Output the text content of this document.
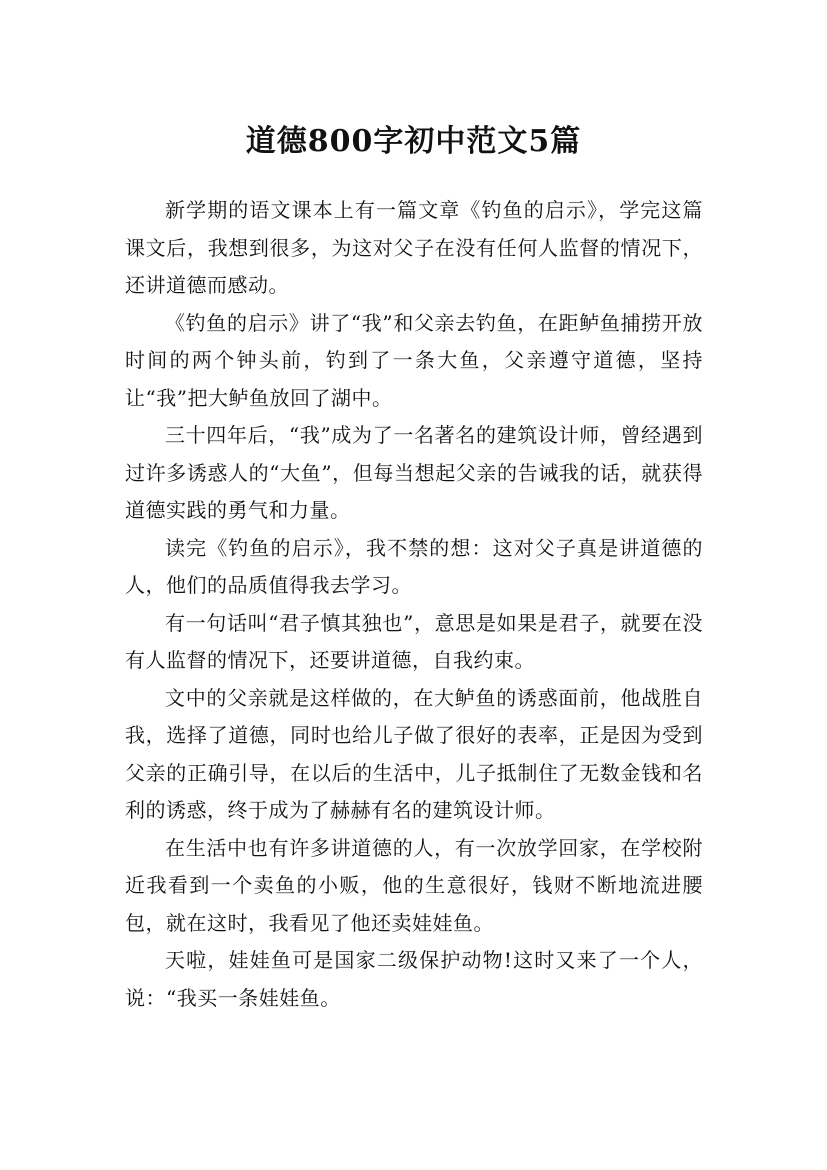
道德800字初中范文5篇

新学期的语文课本上有一篇文章《钓鱼的启示》，学完这篇课文后，我想到很多，为这对父子在没有任何人监督的情况下，还讲道德而感动。

《钓鱼的启示》讲了“我”和父亲去钓鱼，在距鲈鱼捕捞开放时间的两个钟头前，钓到了一条大鱼，父亲遵守道德，坚持让“我”把大鲈鱼放回了湖中。

三十四年后，“我”成为了一名著名的建筑设计师，曾经遇到过许多诱惑人的“大鱼”，但每当想起父亲的告诫我的话，就获得道德实践的勇气和力量。

读完《钓鱼的启示》，我不禁的想：这对父子真是讲道德的人，他们的品质值得我去学习。

有一句话叫“君子慎其独也”，意思是如果是君子，就要在没有人监督的情况下，还要讲道德，自我约束。

文中的父亲就是这样做的，在大鲈鱼的诱惑面前，他战胜自我，选择了道德，同时也给儿子做了很好的表率，正是因为受到父亲的正确引导，在以后的生活中，儿子抵制住了无数金钱和名利的诱惑，终于成为了赫赫有名的建筑设计师。

在生活中也有许多讲道德的人，有一次放学回家，在学校附近我看到一个卖鱼的小贩，他的生意很好，钱财不断地流进腰包，就在这时，我看见了他还卖娃娃鱼。

天啦，娃娃鱼可是国家二级保护动物!这时又来了一个人，说：“我买一条娃娃鱼。
